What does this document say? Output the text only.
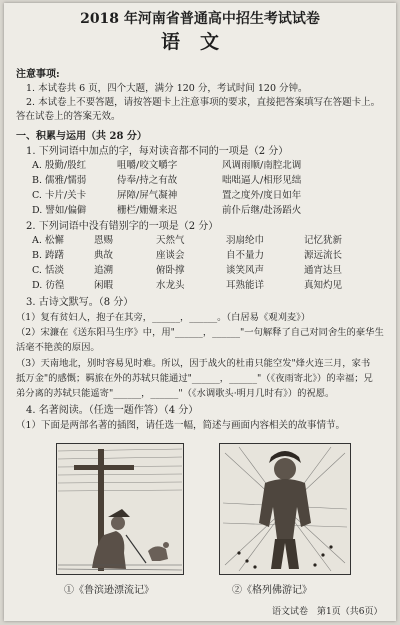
2018 年河南省普通高中招生考试试卷
语文
注意事项:
1. 本试卷共 6 页，四个大题，满分 120 分，考试时间 120 分钟。
2. 本试卷上不要答题，请按答题卡上注意事项的要求，直接把答案填写在答题卡上。
答在试卷上的答案无效。
一、积累与运用（共 28 分）
1. 下列词语中加点的字，每对读音都不同的一项是（2 分）
A. 殷勤/殷红	咀嚼/咬文嚼字	风调雨顺/南腔北调
B. 儒雅/懦弱	侍奉/持之有故	咄咄逼人/相形见绌
C. 卡片/关卡	屏障/屏气凝神	置之度外/度日如年
D. 譬如/偏僻	栅栏/姗姗来迟	前仆后继/赴汤蹈火
2. 下列词语中没有错别字的一项是（2 分）
A. 松懈	恩赐	天然气	羽扇纶巾	记忆犹新
B. 踌躇	典故	座谈会	自不量力	源远流长
C. 恬淡	追溯	俯卧撑	谈笑风声	通宵达旦
D. 彷徨	闲暇	水龙头	耳熟能详	真知灼见
3. 古诗文默写。（8 分）
（1）复有贫妇人，抱子在其旁，______，______。（白居易《观刈麦》）
（2）宋濂在《送东阳马生序》中，用"______，______"一句解释了自己对同舍生的豪华生
活毫不艳羡的原因。
（3）天南地北，别时容易见时难。所以，因于战火的杜甫只能空发"烽火连三月，家书
抵万金"的感慨；羁旅在外的苏轼只能通过"______，______"（《夜雨寄北》）的幸福；兄
弟分离的苏轼只能遥寄"______，______"（《水调歌头·明月几时有》）的祝愿。
4. 名著阅读。（任选一题作答）（4 分）
（1）下面是两部名著的插图，请任选一幅，简述与画面内容相关的故事情节。
①《鲁滨逊漂流记》	②《格列佛游记》
语文试卷　第1页（共6页）
